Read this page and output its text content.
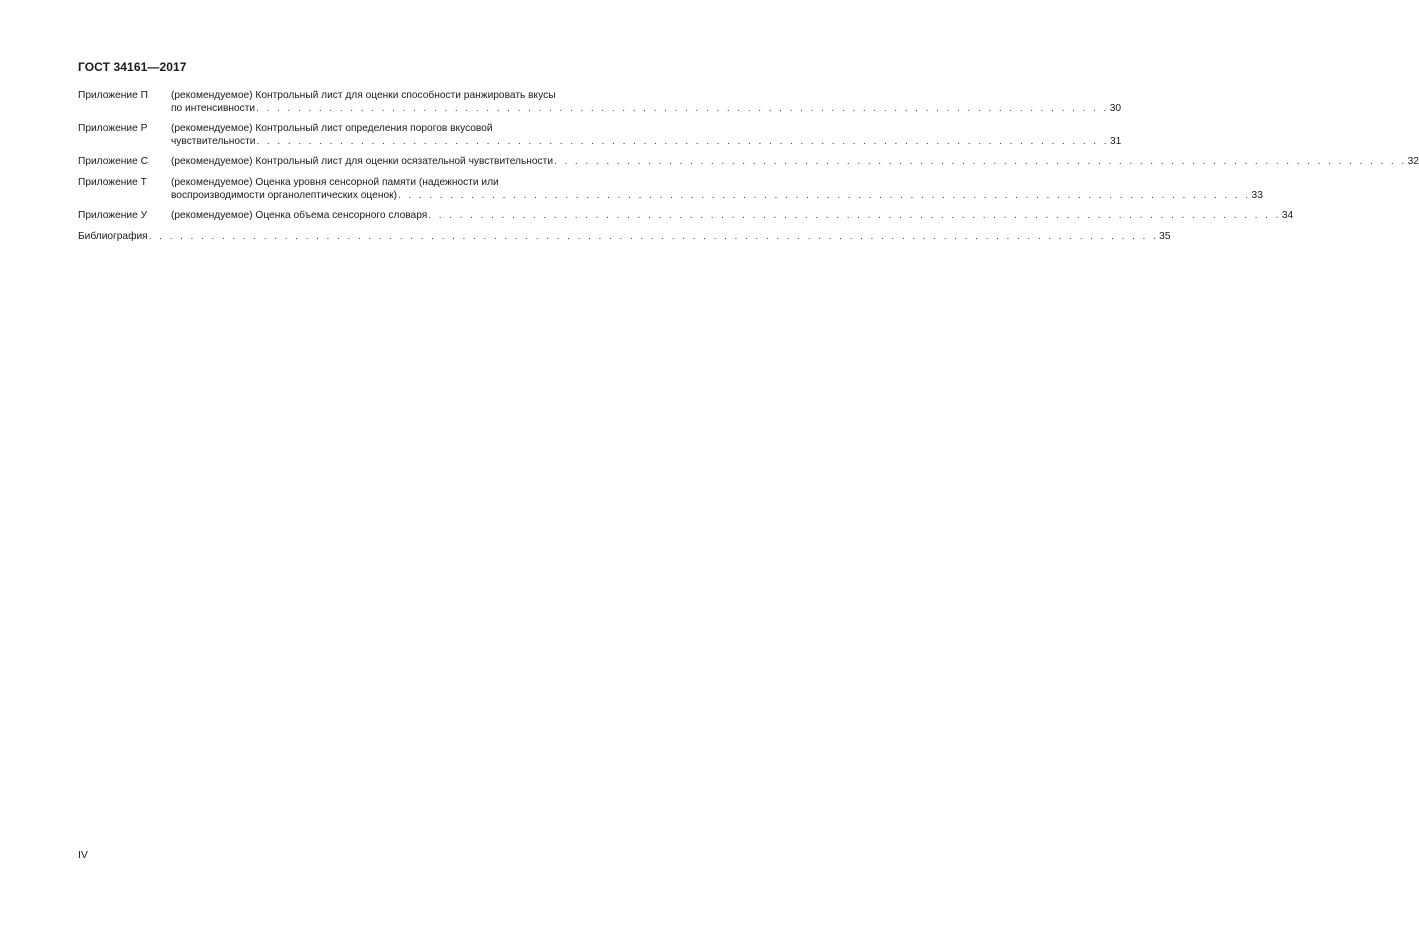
ГОСТ 34161—2017
Приложение П	(рекомендуемое) Контрольный лист для оценки способности ранжировать вкусы
по интенсивности . . . . . . . . . . . . . . . . . . . . . . . . . . . . . . . . . . . . . . . . . . . . . . . . . . . . . . . . . . . . . . . . . . . . . . . . . . . . . . . . . . 30
Приложение Р	(рекомендуемое) Контрольный лист определения порогов вкусовой
чувствительности . . . . . . . . . . . . . . . . . . . . . . . . . . . . . . . . . . . . . . . . . . . . . . . . . . . . . . . . . . . . . . . . . . . . . . . . . . . . . . . . . . 31
Приложение С	(рекомендуемое) Контрольный лист для оценки осязательной чувствительности . . . . . . . . . . . . . . . . . . . . . . . . . . . . . . . . . . . . . . . . . . . . . . . . . . . . . . . . . . . . . . . . . . . . . . . . . . . . . . . . . . 32
Приложение Т	(рекомендуемое) Оценка уровня сенсорной памяти (надежности или
воспроизводимости органолептических оценок) . . . . . . . . . . . . . . . . . . . . . . . . . . . . . . . . . . . . . . . . . . . . . . . . . . . . . . . . . . . . . . . . . . . . . . . . . . . . . . . . . . 33
Приложение У	(рекомендуемое) Оценка объема сенсорного словаря . . . . . . . . . . . . . . . . . . . . . . . . . . . . . . . . . . . . . . . . . . . . . . . . . . . . . . . . . . . . . . . . . . . . . . . . . . . . . . . . . . 34
Библиография . . . . . . . . . . . . . . . . . . . . . . . . . . . . . . . . . . . . . . . . . . . . . . . . . . . . . . . . . . . . . . . . . . . . . . . . . . . . . . . . . . . . . . . . . . . . . . . . . 35
IV
